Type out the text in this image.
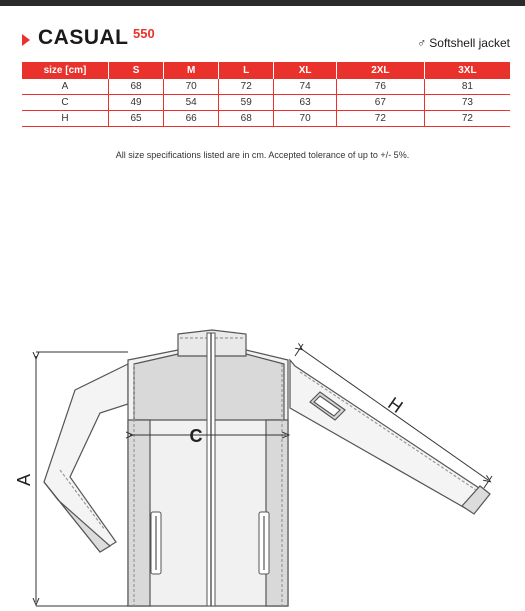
CASUAL 550
♂ Softshell jacket
size [cm]	S	M	L	XL	2XL	3XL
A	68	70	72	74	76	81
C	49	54	59	63	67	73
H	65	66	68	70	72	72
All size specifications listed are in cm. Accepted tolerance of up to +/- 5%.
A
C
H
